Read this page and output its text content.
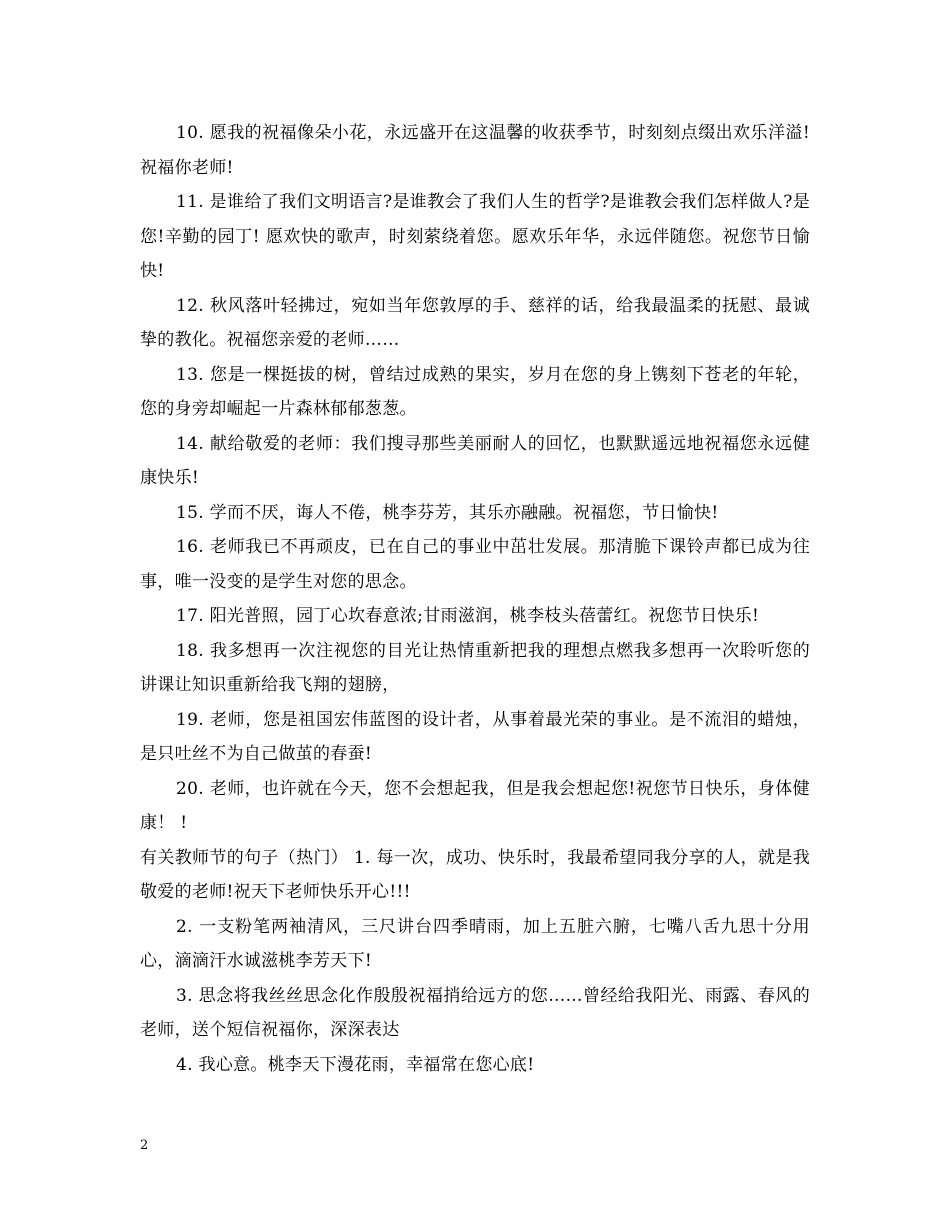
10. 愿我的祝福像朵小花，永远盛开在这温馨的收获季节，时刻刻点缀出欢乐洋溢!祝福你老师!

11. 是谁给了我们文明语言?是谁教会了我们人生的哲学?是谁教会我们怎样做人?是您!辛勤的园丁! 愿欢快的歌声，时刻萦绕着您。愿欢乐年华，永远伴随您。祝您节日愉快!

12. 秋风落叶轻拂过，宛如当年您敦厚的手、慈祥的话，给我最温柔的抚慰、最诚挚的教化。祝福您亲爱的老师……

13. 您是一棵挺拔的树，曾结过成熟的果实，岁月在您的身上镌刻下苍老的年轮，您的身旁却崛起一片森林郁郁葱葱。

14. 献给敬爱的老师：我们搜寻那些美丽耐人的回忆，也默默遥远地祝福您永远健康快乐!

15. 学而不厌，诲人不倦，桃李芬芳，其乐亦融融。祝福您，节日愉快!

16. 老师我已不再顽皮，已在自己的事业中茁壮发展。那清脆下课铃声都已成为往事，唯一没变的是学生对您的思念。

17. 阳光普照，园丁心坎春意浓;甘雨滋润，桃李枝头蓓蕾红。祝您节日快乐!

18. 我多想再一次注视您的目光让热情重新把我的理想点燃我多想再一次聆听您的讲课让知识重新给我飞翔的翅膀，

19. 老师，您是祖国宏伟蓝图的设计者，从事着最光荣的事业。是不流泪的蜡烛，是只吐丝不为自己做茧的春蚕!

20. 老师，也许就在今天，您不会想起我，但是我会想起您!祝您节日快乐，身体健康！ !

有关教师节的句子（热门） 1. 每一次，成功、快乐时，我最希望同我分享的人，就是我敬爱的老师!祝天下老师快乐开心!!!

2. 一支粉笔两袖清风，三尺讲台四季晴雨，加上五脏六腑，七嘴八舌九思十分用心，滴滴汗水诚滋桃李芳天下!

3. 思念将我丝丝思念化作殷殷祝福捎给远方的您……曾经给我阳光、雨露、春风的老师，送个短信祝福你，深深表达

4. 我心意。桃李天下漫花雨，幸福常在您心底!

2
